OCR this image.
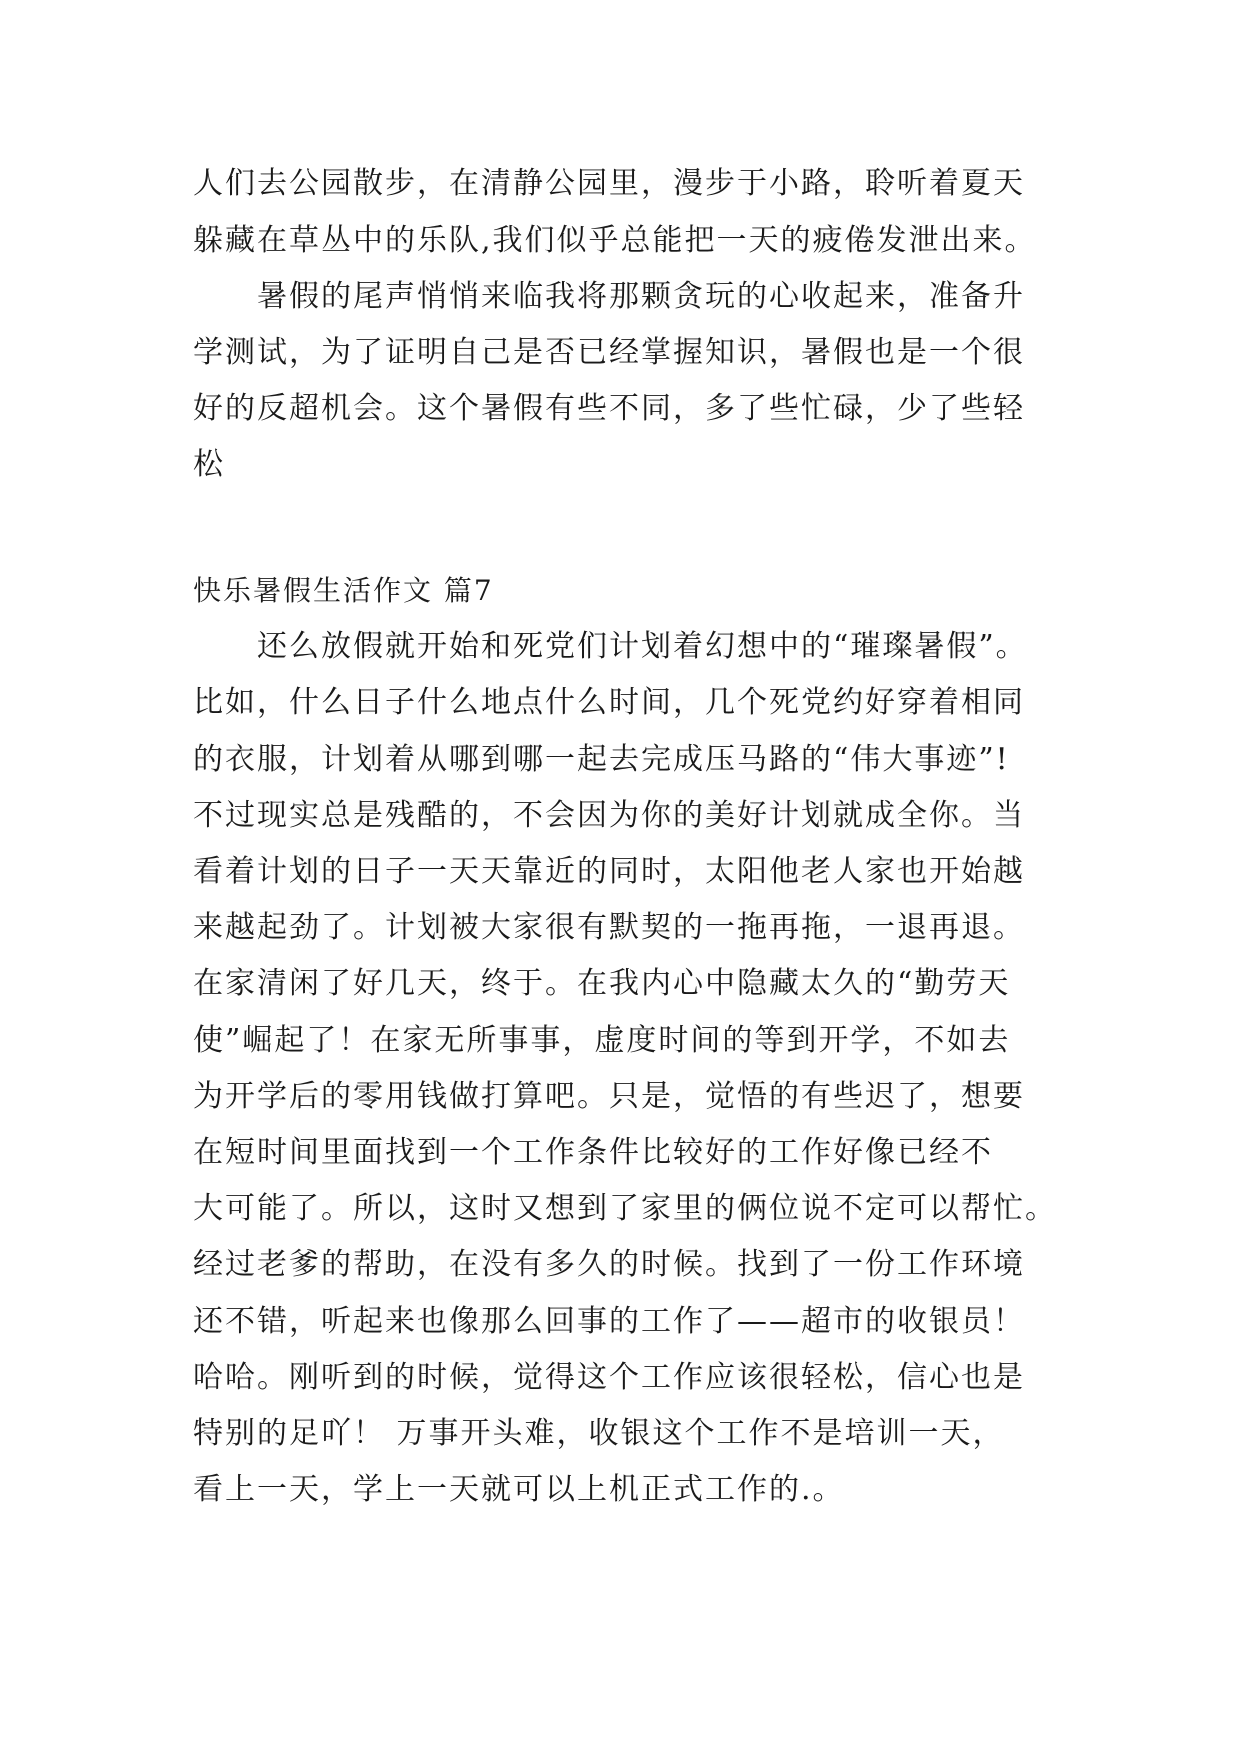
人们去公园散步，在清静公园里，漫步于小路，聆听着夏天
躲藏在草丛中的乐队,我们似乎总能把一天的疲倦发泄出来。
　　暑假的尾声悄悄来临我将那颗贪玩的心收起来，准备升
学测试，为了证明自己是否已经掌握知识，暑假也是一个很
好的反超机会。这个暑假有些不同，多了些忙碌，少了些轻
松
快乐暑假生活作文 篇7
　　还么放假就开始和死党们计划着幻想中的“璀璨暑假”。
比如，什么日子什么地点什么时间，几个死党约好穿着相同
的衣服，计划着从哪到哪一起去完成压马路的“伟大事迹”!
不过现实总是残酷的，不会因为你的美好计划就成全你。当
看着计划的日子一天天靠近的同时，太阳他老人家也开始越
来越起劲了。计划被大家很有默契的一拖再拖，一退再退。
在家清闲了好几天，终于。在我内心中隐藏太久的“勤劳天
使”崛起了！在家无所事事，虚度时间的等到开学，不如去
为开学后的零用钱做打算吧。只是，觉悟的有些迟了，想要
在短时间里面找到一个工作条件比较好的工作好像已经不
大可能了。所以，这时又想到了家里的俩位说不定可以帮忙。
经过老爹的帮助，在没有多久的时候。找到了一份工作环境
还不错，听起来也像那么回事的工作了——超市的收银员！
哈哈。刚听到的时候，觉得这个工作应该很轻松，信心也是
特别的足吖！ 万事开头难，收银这个工作不是培训一天，
看上一天，学上一天就可以上机正式工作的.。
